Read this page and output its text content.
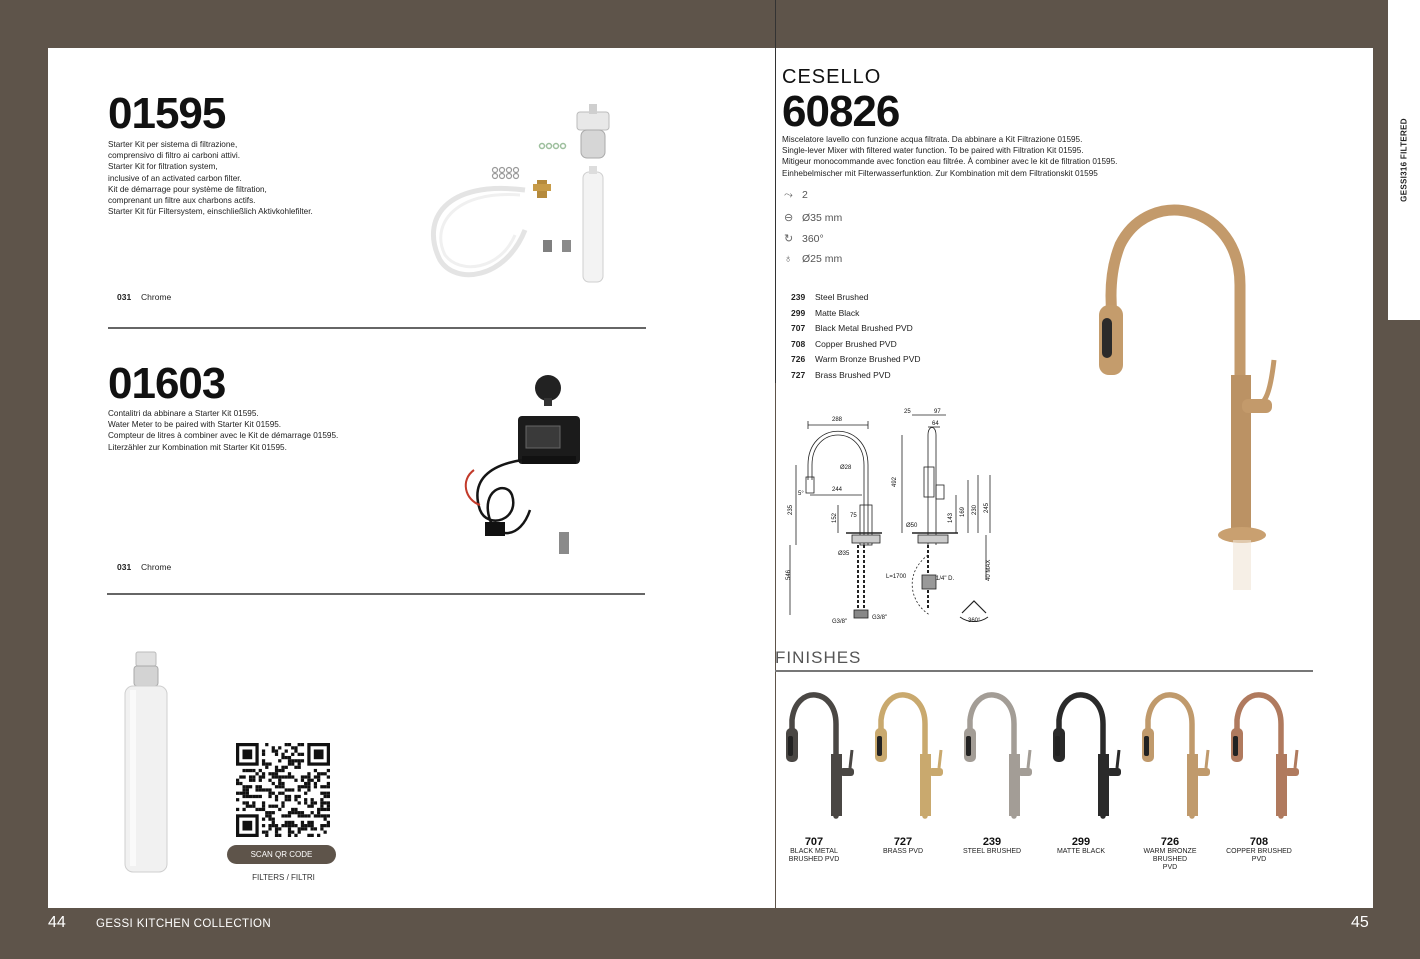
GESSI316 FILTERED
01595
Starter Kit per sistema di filtrazione,
comprensivo di filtro ai carboni attivi.
Starter Kit for filtration system,
inclusive of an activated carbon filter.
Kit de démarrage pour système de filtration,
comprenant un filtre aux charbons actifs.
Starter Kit für Filtersystem, einschließlich Aktivkohlefilter.
031 Chrome
01603
Contalitri da abbinare a Starter Kit 01595.
Water Meter to be paired with Starter Kit 01595.
Compteur de litres à combiner avec le Kit de démarrage 01595.
Literzähler zur Kombination mit Starter Kit 01595.
031 Chrome
SCAN QR CODE
FILTERS / FILTRI
CESELLO
60826
Miscelatore lavello con funzione acqua filtrata. Da abbinare a Kit Filtrazione 01595.
Single-lever Mixer with filtered water function. To be paired with Filtration Kit 01595.
Mitigeur monocommande avec fonction eau filtrée. À combiner avec le kit de filtration 01595.
Einhebelmischer mit Filterwasserfunktion. Zur Kombination mit dem Filtrationskit 01595
⤳ 2
⊖ Ø35 mm
↻ 360°
♁ Ø25 mm
239 Steel Brushed
299 Matte Black
707 Black Metal Brushed PVD
708 Copper Brushed PVD
726 Warm Bronze Brushed PVD
727 Brass Brushed PVD
288
Ø28
244
5°
235
152 75
Ø35
546
G3/8"
G3/8"
25	97
64
492
143
169 230 245
Ø50
L=1700	1/4" D.	40 MAX
360°
FINISHES
707
BLACK METAL
BRUSHED PVD
727
BRASS PVD
239
STEEL BRUSHED
299
MATTE BLACK
726
WARM BRONZE
BRUSHED
PVD
708
COPPER BRUSHED
PVD
44	GESSI KITCHEN COLLECTION	45
